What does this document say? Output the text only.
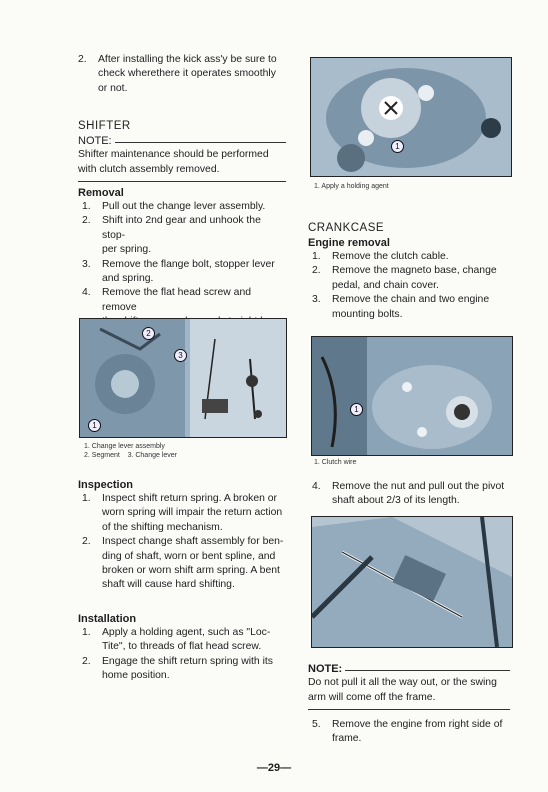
2.	After installing the kick ass'y be sure to
check wherethere it operates smoothly
or not.
SHIFTER
NOTE:
Shifter maintenance should be performed
with clutch assembly removed.
Removal
1.	Pull out the change lever assembly.
2.	Shift into 2nd gear and unhook the stop-
per spring.
3.	Remove the flange bolt, stopper lever
and spring.
4.	Remove the flat head screw and remove
1
2
3
1. Change lever assembly
2. Segment    3. Change lever
Inspection
1.	Inspect shift return spring. A broken or
worn spring will impair the return action
of the shifting mechanism.
2.	Inspect change shaft assembly for ben-
ding of shaft, worn or bent spline, and
broken or worn shift arm spring. A bent
shaft will cause hard shifting.
Installation
1.	Apply a holding agent, such as "Loc-
Tite", to threads of flat head screw.
2.	Engage the shift return spring with its
home position.
1
1. Apply a holding agent
CRANKCASE
Engine removal
1.	Remove the clutch cable.
2.	Remove the magneto base, change
pedal, and chain cover.
3.	Remove the chain and two engine
mounting bolts.
1
1. Clutch wire
4.	Remove the nut and pull out the pivot
shaft about 2/3 of its length.
NOTE:
Do not pull it all the way out, or the swing
arm will come off the frame.
5.	Remove the engine from right side of
frame.
—29—
